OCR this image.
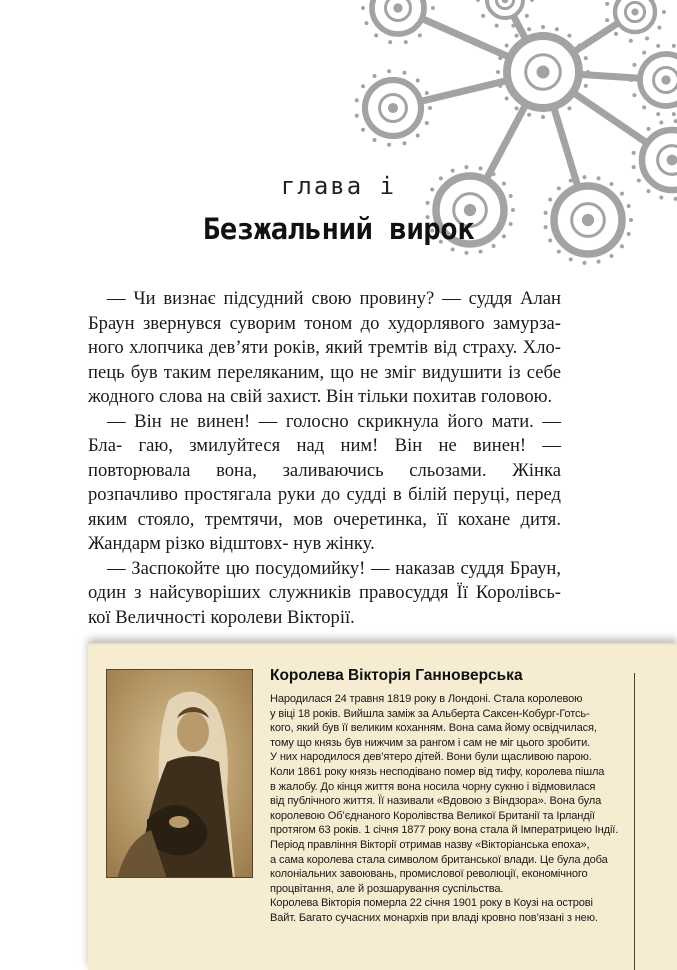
глава і
Безжальний вирок

— Чи визнає підсудний свою провину? — суддя Алан Браун звернувся суворим тоном до худорлявого замурза- ного хлопчика дев’яти років, який тремтів від страху. Хло- пець був таким переляканим, що не зміг видушити із себе жодного слова на свій захист. Він тільки похитав головою.

— Він не винен! — голосно скрикнула його мати. — Бла- гаю, змилуйтеся над ним! Він не винен! — повторювала вона, заливаючись сльозами. Жінка розпачливо простягала руки до судді в білій перуці, перед яким стояло, тремтячи, мов очеретинка, її кохане дитя. Жандарм різко відштовх- нув жінку.

— Заспокойте цю посудомийку! — наказав суддя Браун, один з найсуворіших служників правосуддя Її Королівсь- кої Величності королеви Вікторії.

Королева Вікторія Ганноверська
Народилася 24 травня 1819 року в Лондоні. Стала королевою
у віці 18 років. Вийшла заміж за Альберта Саксен-Кобург-Готсь-
кого, який був її великим коханням. Вона сама йому освідчилася,
тому що князь був нижчим за рангом і сам не міг цього зробити.
У них народилося дев’ятеро дітей. Вони були щасливою парою.
Коли 1861 року князь несподівано помер від тифу, королева пішла
в жалобу. До кінця життя вона носила чорну сукню і відмовилася
від публічного життя. Її називали «Вдовою з Віндзора». Вона була
королевою Об’єднаного Королівства Великої Британії та Ірландії
протягом 63 років. 1 січня 1877 року вона стала й Імператрицею Індії.
Період правління Вікторії отримав назву «Вікторіанська епоха»,
а сама королева стала символом британської влади. Це була доба
колоніальних завоювань, промислової революції, економічного
процвітання, але й розшарування суспільства.
Королева Вікторія померла 22 січня 1901 року в Коузі на острові
Вайт. Багато сучасних монархів при владі кровно пов’язані з нею.
